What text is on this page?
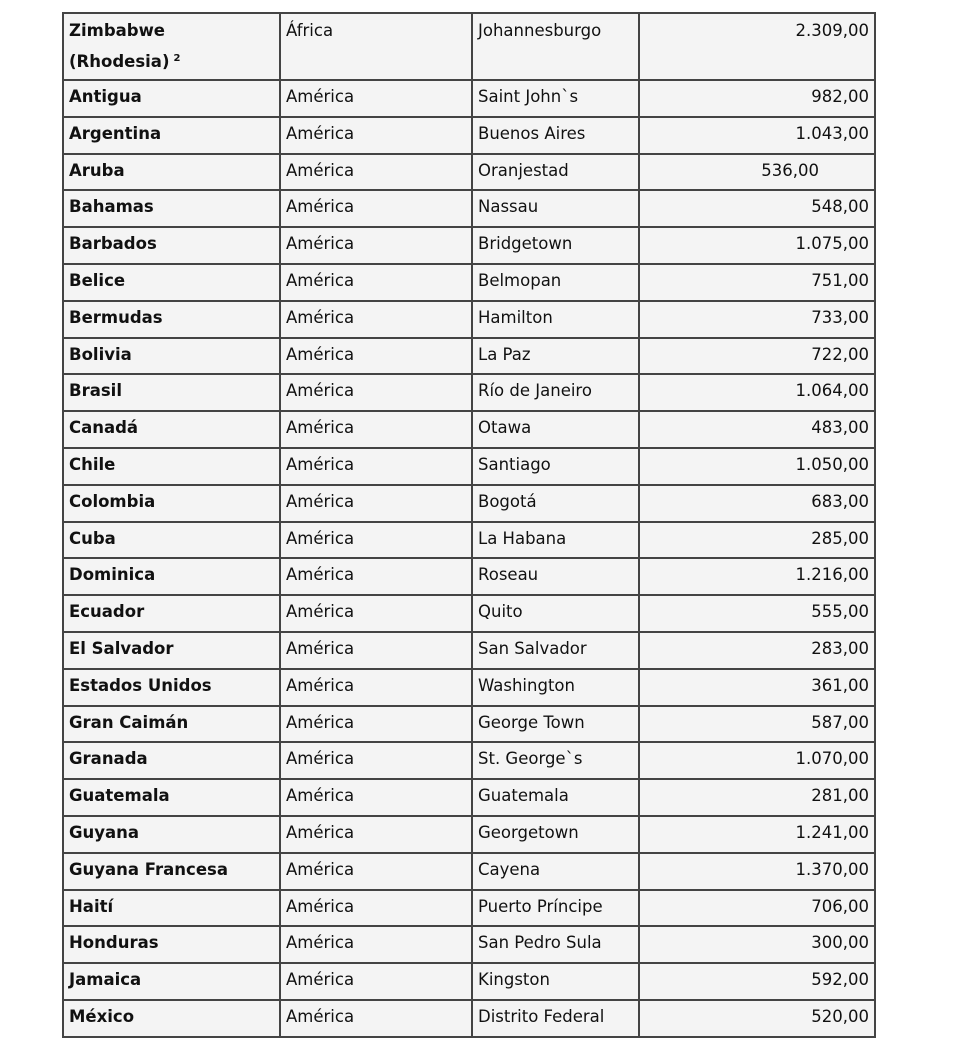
Zimbabwe (Rhodesia) $^2$	África	Johannesburgo	2.309,00
Antigua	América	Saint John`s	982,00
Argentina	América	Buenos Aires	1.043,00
Aruba	América	Oranjestad	536,00
Bahamas	América	Nassau	548,00
Barbados	América	Bridgetown	1.075,00
Belice	América	Belmopan	751,00
Bermudas	América	Hamilton	733,00
Bolivia	América	La Paz	722,00
Brasil	América	Río de Janeiro	1.064,00
Canadá	América	Otawa	483,00
Chile	América	Santiago	1.050,00
Colombia	América	Bogotá	683,00
Cuba	América	La Habana	285,00
Dominica	América	Roseau	1.216,00
Ecuador	América	Quito	555,00
El Salvador	América	San Salvador	283,00
Estados Unidos	América	Washington	361,00
Gran Caimán	América	George Town	587,00
Granada	América	St. George`s	1.070,00
Guatemala	América	Guatemala	281,00
Guyana	América	Georgetown	1.241,00
Guyana Francesa	América	Cayena	1.370,00
Haití	América	Puerto Príncipe	706,00
Honduras	América	San Pedro Sula	300,00
Jamaica	América	Kingston	592,00
México	América	Distrito Federal	520,00
